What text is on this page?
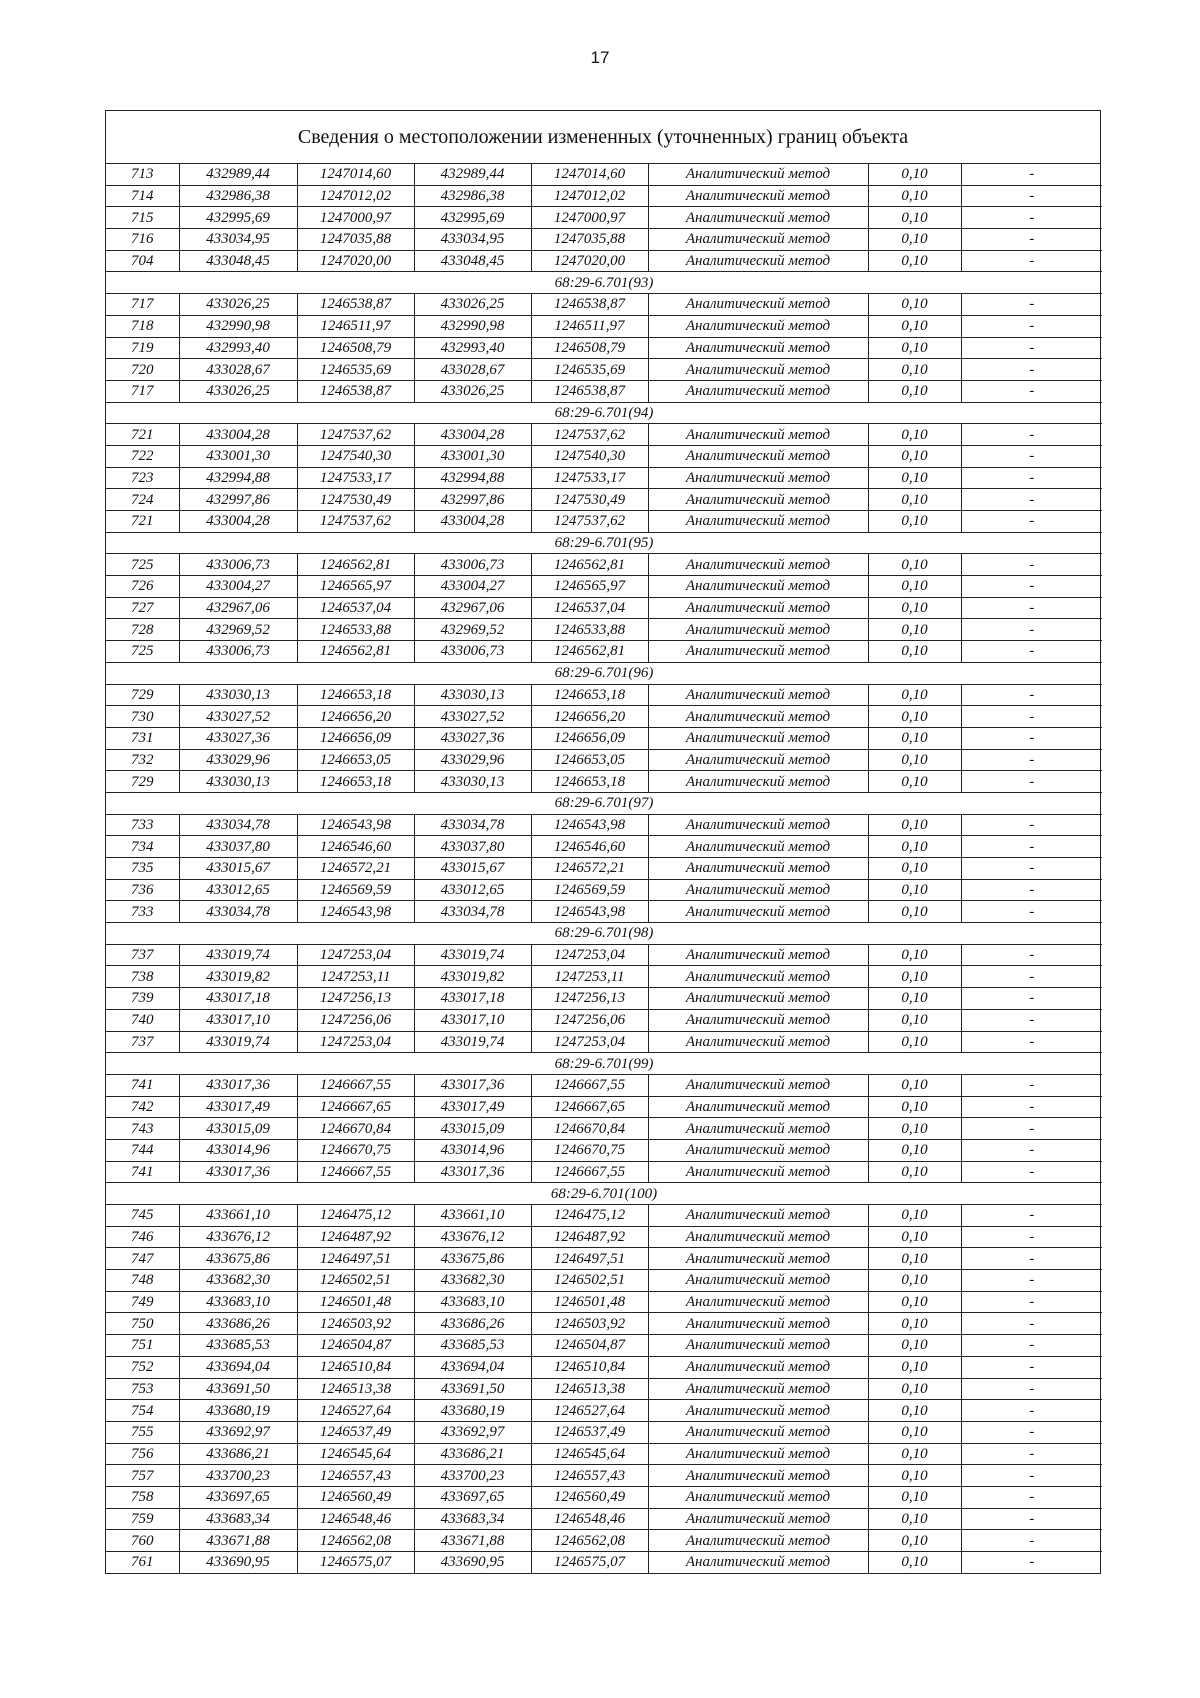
17
Сведения о местоположении измененных (уточненных) границ объекта
713	432989,44	1247014,60	432989,44	1247014,60	Аналитический метод	0,10	-
714	432986,38	1247012,02	432986,38	1247012,02	Аналитический метод	0,10	-
715	432995,69	1247000,97	432995,69	1247000,97	Аналитический метод	0,10	-
716	433034,95	1247035,88	433034,95	1247035,88	Аналитический метод	0,10	-
704	433048,45	1247020,00	433048,45	1247020,00	Аналитический метод	0,10	-
68:29-6.701(93)							
717	433026,25	1246538,87	433026,25	1246538,87	Аналитический метод	0,10	-
718	432990,98	1246511,97	432990,98	1246511,97	Аналитический метод	0,10	-
719	432993,40	1246508,79	432993,40	1246508,79	Аналитический метод	0,10	-
720	433028,67	1246535,69	433028,67	1246535,69	Аналитический метод	0,10	-
717	433026,25	1246538,87	433026,25	1246538,87	Аналитический метод	0,10	-
68:29-6.701(94)							
721	433004,28	1247537,62	433004,28	1247537,62	Аналитический метод	0,10	-
722	433001,30	1247540,30	433001,30	1247540,30	Аналитический метод	0,10	-
723	432994,88	1247533,17	432994,88	1247533,17	Аналитический метод	0,10	-
724	432997,86	1247530,49	432997,86	1247530,49	Аналитический метод	0,10	-
721	433004,28	1247537,62	433004,28	1247537,62	Аналитический метод	0,10	-
68:29-6.701(95)							
725	433006,73	1246562,81	433006,73	1246562,81	Аналитический метод	0,10	-
726	433004,27	1246565,97	433004,27	1246565,97	Аналитический метод	0,10	-
727	432967,06	1246537,04	432967,06	1246537,04	Аналитический метод	0,10	-
728	432969,52	1246533,88	432969,52	1246533,88	Аналитический метод	0,10	-
725	433006,73	1246562,81	433006,73	1246562,81	Аналитический метод	0,10	-
68:29-6.701(96)							
729	433030,13	1246653,18	433030,13	1246653,18	Аналитический метод	0,10	-
730	433027,52	1246656,20	433027,52	1246656,20	Аналитический метод	0,10	-
731	433027,36	1246656,09	433027,36	1246656,09	Аналитический метод	0,10	-
732	433029,96	1246653,05	433029,96	1246653,05	Аналитический метод	0,10	-
729	433030,13	1246653,18	433030,13	1246653,18	Аналитический метод	0,10	-
68:29-6.701(97)							
733	433034,78	1246543,98	433034,78	1246543,98	Аналитический метод	0,10	-
734	433037,80	1246546,60	433037,80	1246546,60	Аналитический метод	0,10	-
735	433015,67	1246572,21	433015,67	1246572,21	Аналитический метод	0,10	-
736	433012,65	1246569,59	433012,65	1246569,59	Аналитический метод	0,10	-
733	433034,78	1246543,98	433034,78	1246543,98	Аналитический метод	0,10	-
68:29-6.701(98)							
737	433019,74	1247253,04	433019,74	1247253,04	Аналитический метод	0,10	-
738	433019,82	1247253,11	433019,82	1247253,11	Аналитический метод	0,10	-
739	433017,18	1247256,13	433017,18	1247256,13	Аналитический метод	0,10	-
740	433017,10	1247256,06	433017,10	1247256,06	Аналитический метод	0,10	-
737	433019,74	1247253,04	433019,74	1247253,04	Аналитический метод	0,10	-
68:29-6.701(99)							
741	433017,36	1246667,55	433017,36	1246667,55	Аналитический метод	0,10	-
742	433017,49	1246667,65	433017,49	1246667,65	Аналитический метод	0,10	-
743	433015,09	1246670,84	433015,09	1246670,84	Аналитический метод	0,10	-
744	433014,96	1246670,75	433014,96	1246670,75	Аналитический метод	0,10	-
741	433017,36	1246667,55	433017,36	1246667,55	Аналитический метод	0,10	-
68:29-6.701(100)							
745	433661,10	1246475,12	433661,10	1246475,12	Аналитический метод	0,10	-
746	433676,12	1246487,92	433676,12	1246487,92	Аналитический метод	0,10	-
747	433675,86	1246497,51	433675,86	1246497,51	Аналитический метод	0,10	-
748	433682,30	1246502,51	433682,30	1246502,51	Аналитический метод	0,10	-
749	433683,10	1246501,48	433683,10	1246501,48	Аналитический метод	0,10	-
750	433686,26	1246503,92	433686,26	1246503,92	Аналитический метод	0,10	-
751	433685,53	1246504,87	433685,53	1246504,87	Аналитический метод	0,10	-
752	433694,04	1246510,84	433694,04	1246510,84	Аналитический метод	0,10	-
753	433691,50	1246513,38	433691,50	1246513,38	Аналитический метод	0,10	-
754	433680,19	1246527,64	433680,19	1246527,64	Аналитический метод	0,10	-
755	433692,97	1246537,49	433692,97	1246537,49	Аналитический метод	0,10	-
756	433686,21	1246545,64	433686,21	1246545,64	Аналитический метод	0,10	-
757	433700,23	1246557,43	433700,23	1246557,43	Аналитический метод	0,10	-
758	433697,65	1246560,49	433697,65	1246560,49	Аналитический метод	0,10	-
759	433683,34	1246548,46	433683,34	1246548,46	Аналитический метод	0,10	-
760	433671,88	1246562,08	433671,88	1246562,08	Аналитический метод	0,10	-
761	433690,95	1246575,07	433690,95	1246575,07	Аналитический метод	0,10	-
